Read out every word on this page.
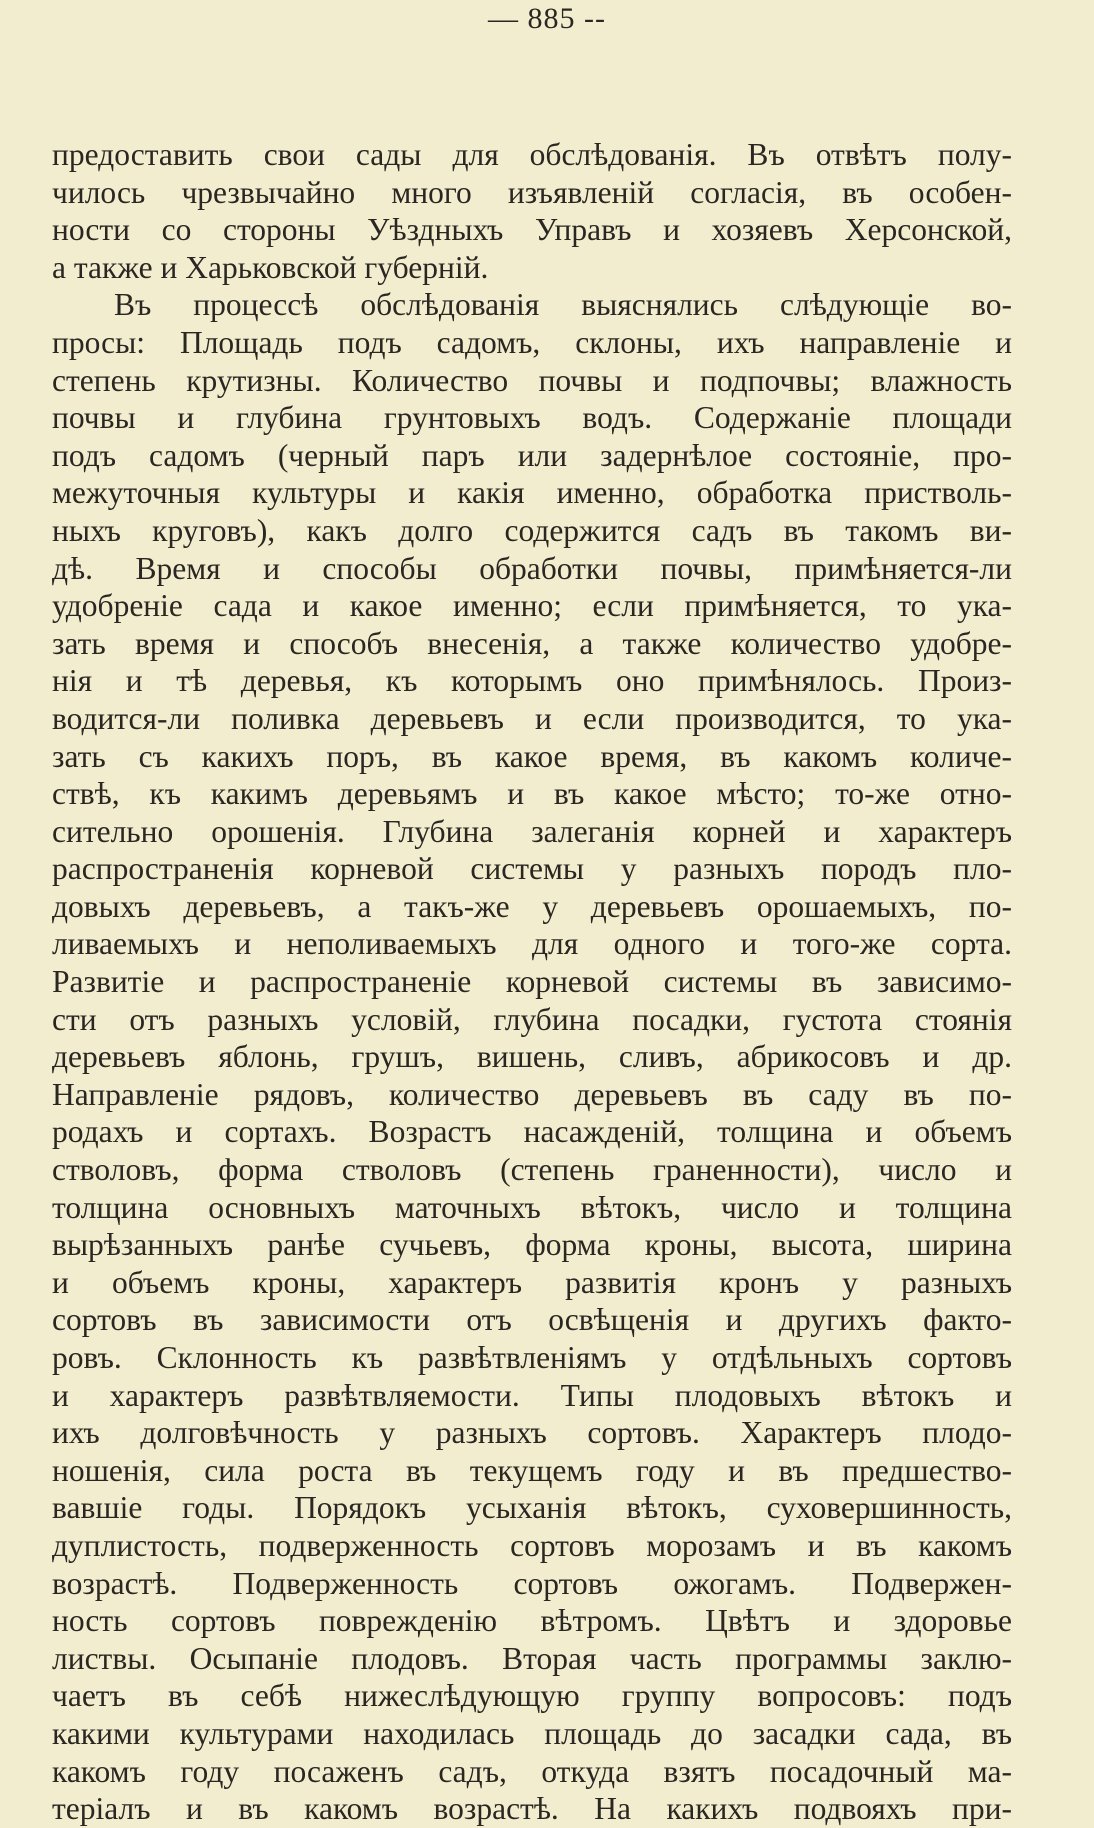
— 885 --
предоставить свои сады для обслѣдованія. Въ отвѣтъ полу-
чилось чрезвычайно много изъявленій согласія, въ особен-
ности со стороны Уѣздныхъ Управъ и хозяевъ Херсонской,
а также и Харьковской губерній.
Въ процессѣ обслѣдованія выяснялись слѣдующіе во-
просы: Площадь подъ садомъ, склоны, ихъ направленіе и
степень крутизны. Количество почвы и подпочвы; влажность
почвы и глубина грунтовыхъ водъ. Содержаніе площади
подъ садомъ (черный паръ или задернѣлое состояніе, про-
межуточныя культуры и какія именно, обработка пристволь-
ныхъ круговъ), какъ долго содержится садъ въ такомъ ви-
дѣ. Время и способы обработки почвы, примѣняется-ли
удобреніе сада и какое именно; если примѣняется, то ука-
зать время и способъ внесенія, а также количество удобре-
нія и тѣ деревья, къ которымъ оно примѣнялось. Произ-
водится-ли поливка деревьевъ и если производится, то ука-
зать съ какихъ поръ, въ какое время, въ какомъ количе-
ствѣ, къ какимъ деревьямъ и въ какое мѣсто; то-же отно-
сительно орошенія. Глубина залеганія корней и характеръ
распространенія корневой системы у разныхъ породъ пло-
довыхъ деревьевъ, а такъ-же у деревьевъ орошаемыхъ, по-
ливаемыхъ и неполиваемыхъ для одного и того-же сорта.
Развитіе и распространеніе корневой системы въ зависимо-
сти отъ разныхъ условій, глубина посадки, густота стоянія
деревьевъ яблонь, грушъ, вишень, сливъ, абрикосовъ и др.
Направленіе рядовъ, количество деревьевъ въ саду въ по-
родахъ и сортахъ. Возрастъ насажденій, толщина и объемъ
стволовъ, форма стволовъ (степень граненности), число и
толщина основныхъ маточныхъ вѣтокъ, число и толщина
вырѣзанныхъ ранѣе сучьевъ, форма кроны, высота, ширина
и объемъ кроны, характеръ развитія кронъ у разныхъ
сортовъ въ зависимости отъ освѣщенія и другихъ факто-
ровъ. Склонность къ развѣтвленіямъ у отдѣльныхъ сортовъ
и характеръ развѣтвляемости. Типы плодовыхъ вѣтокъ и
ихъ долговѣчность у разныхъ сортовъ. Характеръ плодо-
ношенія, сила роста въ текущемъ году и въ предшество-
вавшіе годы. Порядокъ усыханія вѣтокъ, суховершинность,
дуплистость, подверженность сортовъ морозамъ и въ какомъ
возрастѣ. Подверженность сортовъ ожогамъ. Подвержен-
ность сортовъ поврежденію вѣтромъ. Цвѣтъ и здоровье
листвы. Осыпаніе плодовъ. Вторая часть программы заклю-
чаетъ въ себѣ нижеслѣдующую группу вопросовъ: подъ
какими культурами находилась площадь до засадки сада, въ
какомъ году посаженъ садъ, откуда взятъ посадочный ма-
теріалъ и въ какомъ возрастѣ. На какихъ подвояхъ при-
